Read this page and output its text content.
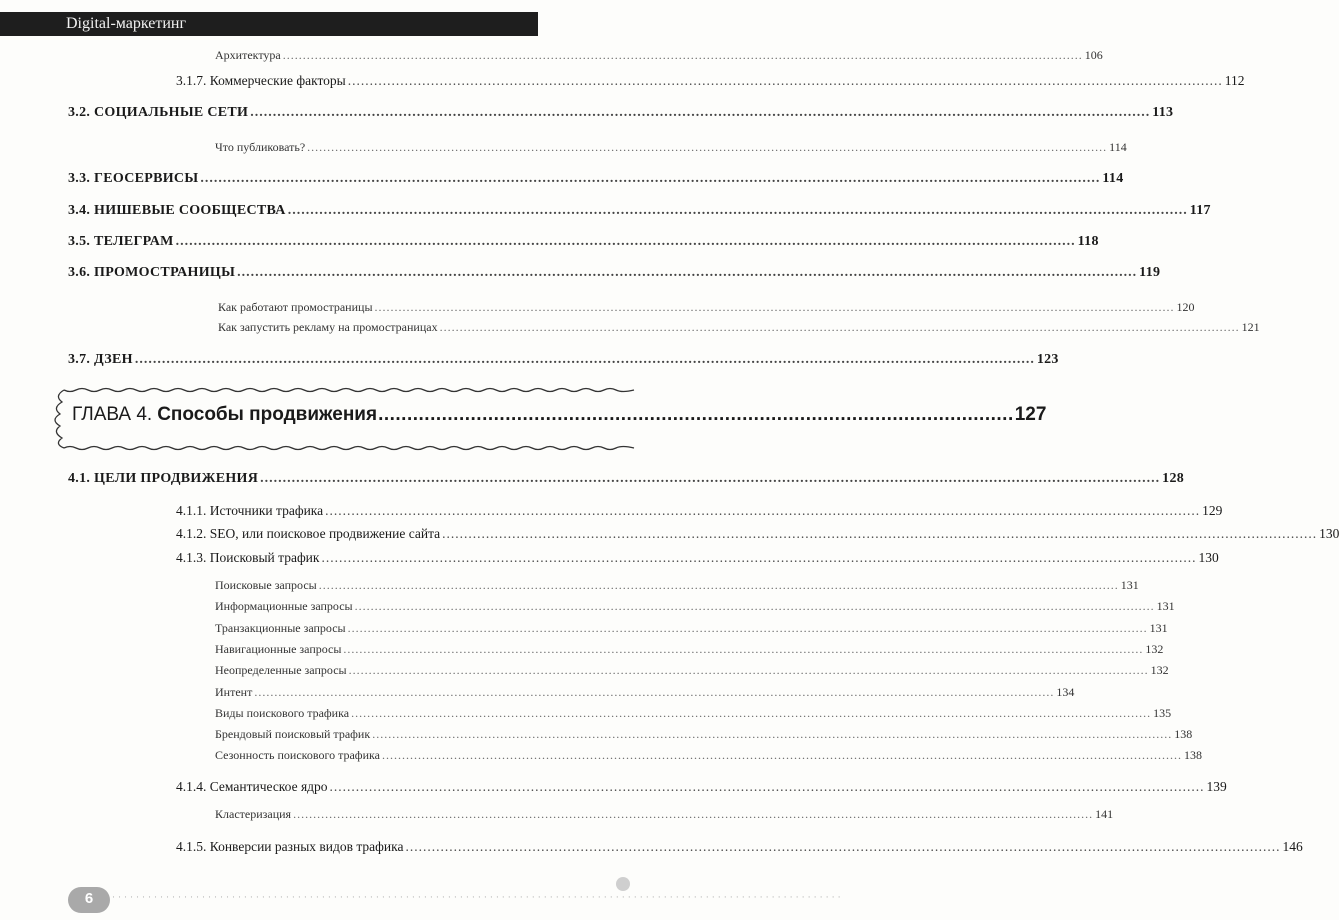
Digital-маркетинг
Архитектура ........................................................................................................................................................................................................ 106
3.1.7. Коммерческие факторы ........................................................................................................................................................................................................ 112
3.2. СОЦИАЛЬНЫЕ СЕТИ ........................................................................................................................................................................................................ 113
Что публиковать? ........................................................................................................................................................................................................ 114
3.3. ГЕОСЕРВИСЫ ........................................................................................................................................................................................................ 114
3.4. НИШЕВЫЕ СООБЩЕСТВА ........................................................................................................................................................................................................ 117
3.5. ТЕЛЕГРАМ ........................................................................................................................................................................................................ 118
3.6. ПРОМОСТРАНИЦЫ ........................................................................................................................................................................................................ 119
Как работают промостраницы ........................................................................................................................................................................................................ 120
Как запустить рекламу на промостраницах ........................................................................................................................................................................................................ 121
3.7. ДЗЕН ........................................................................................................................................................................................................ 123
ГЛАВА 4. Способы продвижения .............................................................................................................. 127
4.1. ЦЕЛИ ПРОДВИЖЕНИЯ ........................................................................................................................................................................................................ 128
4.1.1. Источники трафика ........................................................................................................................................................................................................ 129
4.1.2. SEO, или поисковое продвижение сайта ........................................................................................................................................................................................................ 130
4.1.3. Поисковый трафик ........................................................................................................................................................................................................ 130
Поисковые запросы ........................................................................................................................................................................................................ 131
Информационные запросы ........................................................................................................................................................................................................ 131
Транзакционные запросы ........................................................................................................................................................................................................ 131
Навигационные запросы ........................................................................................................................................................................................................ 132
Неопределенные запросы ........................................................................................................................................................................................................ 132
Интент ........................................................................................................................................................................................................ 134
Виды поискового трафика ........................................................................................................................................................................................................ 135
Брендовый поисковый трафик ........................................................................................................................................................................................................ 138
Сезонность поискового трафика ........................................................................................................................................................................................................ 138
4.1.4. Семантическое ядро ........................................................................................................................................................................................................ 139
Кластеризация ........................................................................................................................................................................................................ 141
4.1.5. Конверсии разных видов трафика ........................................................................................................................................................................................................ 146
6	··························································································································
